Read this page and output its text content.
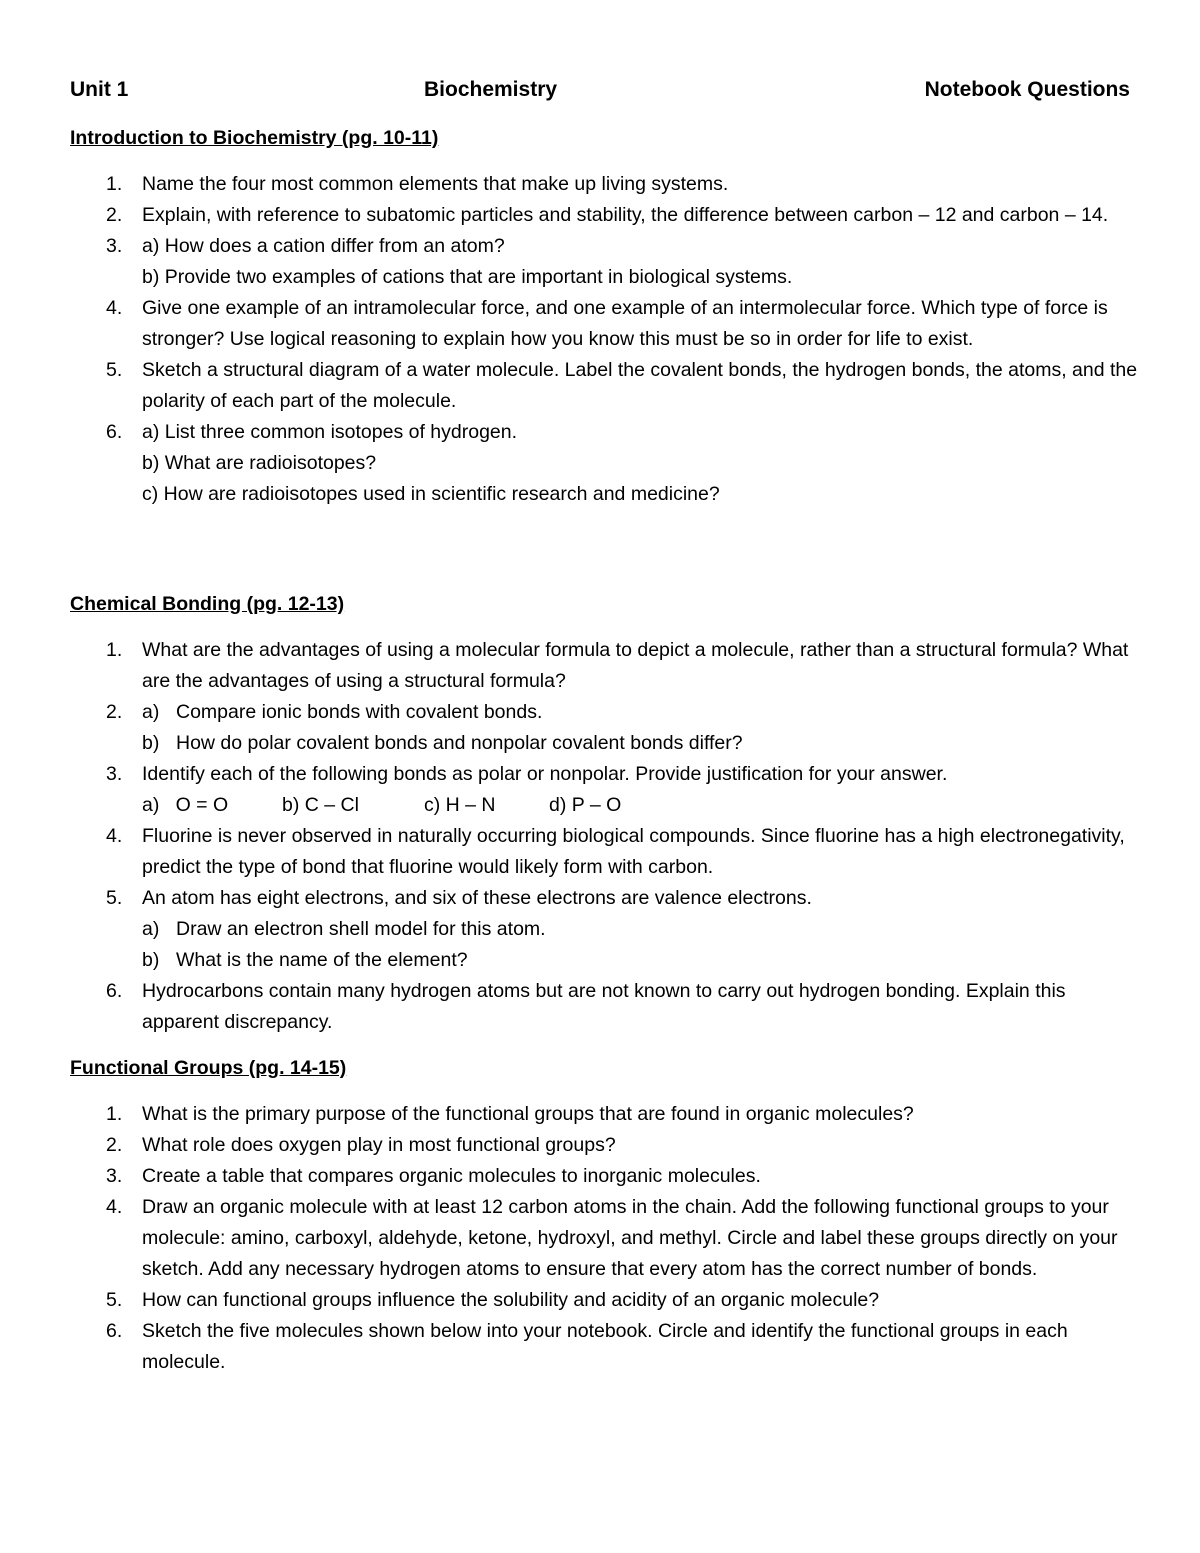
Unit 1	Biochemistry	Notebook Questions
Introduction to Biochemistry (pg. 10-11)
1. Name the four most common elements that make up living systems.
2. Explain, with reference to subatomic particles and stability, the difference between carbon – 12 and carbon – 14.
3. a) How does a cation differ from an atom?
b) Provide two examples of cations that are important in biological systems.
4. Give one example of an intramolecular force, and one example of an intermolecular force. Which type of force is stronger? Use logical reasoning to explain how you know this must be so in order for life to exist.
5. Sketch a structural diagram of a water molecule. Label the covalent bonds, the hydrogen bonds, the atoms, and the polarity of each part of the molecule.
6. a) List three common isotopes of hydrogen.
b) What are radioisotopes?
c) How are radioisotopes used in scientific research and medicine?
Chemical Bonding (pg. 12-13)
1. What are the advantages of using a molecular formula to depict a molecule, rather than a structural formula? What are the advantages of using a structural formula?
2. a) Compare ionic bonds with covalent bonds.
b) How do polar covalent bonds and nonpolar covalent bonds differ?
3. Identify each of the following bonds as polar or nonpolar. Provide justification for your answer.
a)   O = O	b) C – Cl	c) H – N	d) P – O
4. Fluorine is never observed in naturally occurring biological compounds. Since fluorine has a high electronegativity, predict the type of bond that fluorine would likely form with carbon.
5. An atom has eight electrons, and six of these electrons are valence electrons.
a) Draw an electron shell model for this atom.
b) What is the name of the element?
6. Hydrocarbons contain many hydrogen atoms but are not known to carry out hydrogen bonding. Explain this apparent discrepancy.
Functional Groups (pg. 14-15)
1. What is the primary purpose of the functional groups that are found in organic molecules?
2. What role does oxygen play in most functional groups?
3. Create a table that compares organic molecules to inorganic molecules.
4. Draw an organic molecule with at least 12 carbon atoms in the chain. Add the following functional groups to your molecule: amino, carboxyl, aldehyde, ketone, hydroxyl, and methyl. Circle and label these groups directly on your sketch. Add any necessary hydrogen atoms to ensure that every atom has the correct number of bonds.
5. How can functional groups influence the solubility and acidity of an organic molecule?
6. Sketch the five molecules shown below into your notebook. Circle and identify the functional groups in each molecule.
